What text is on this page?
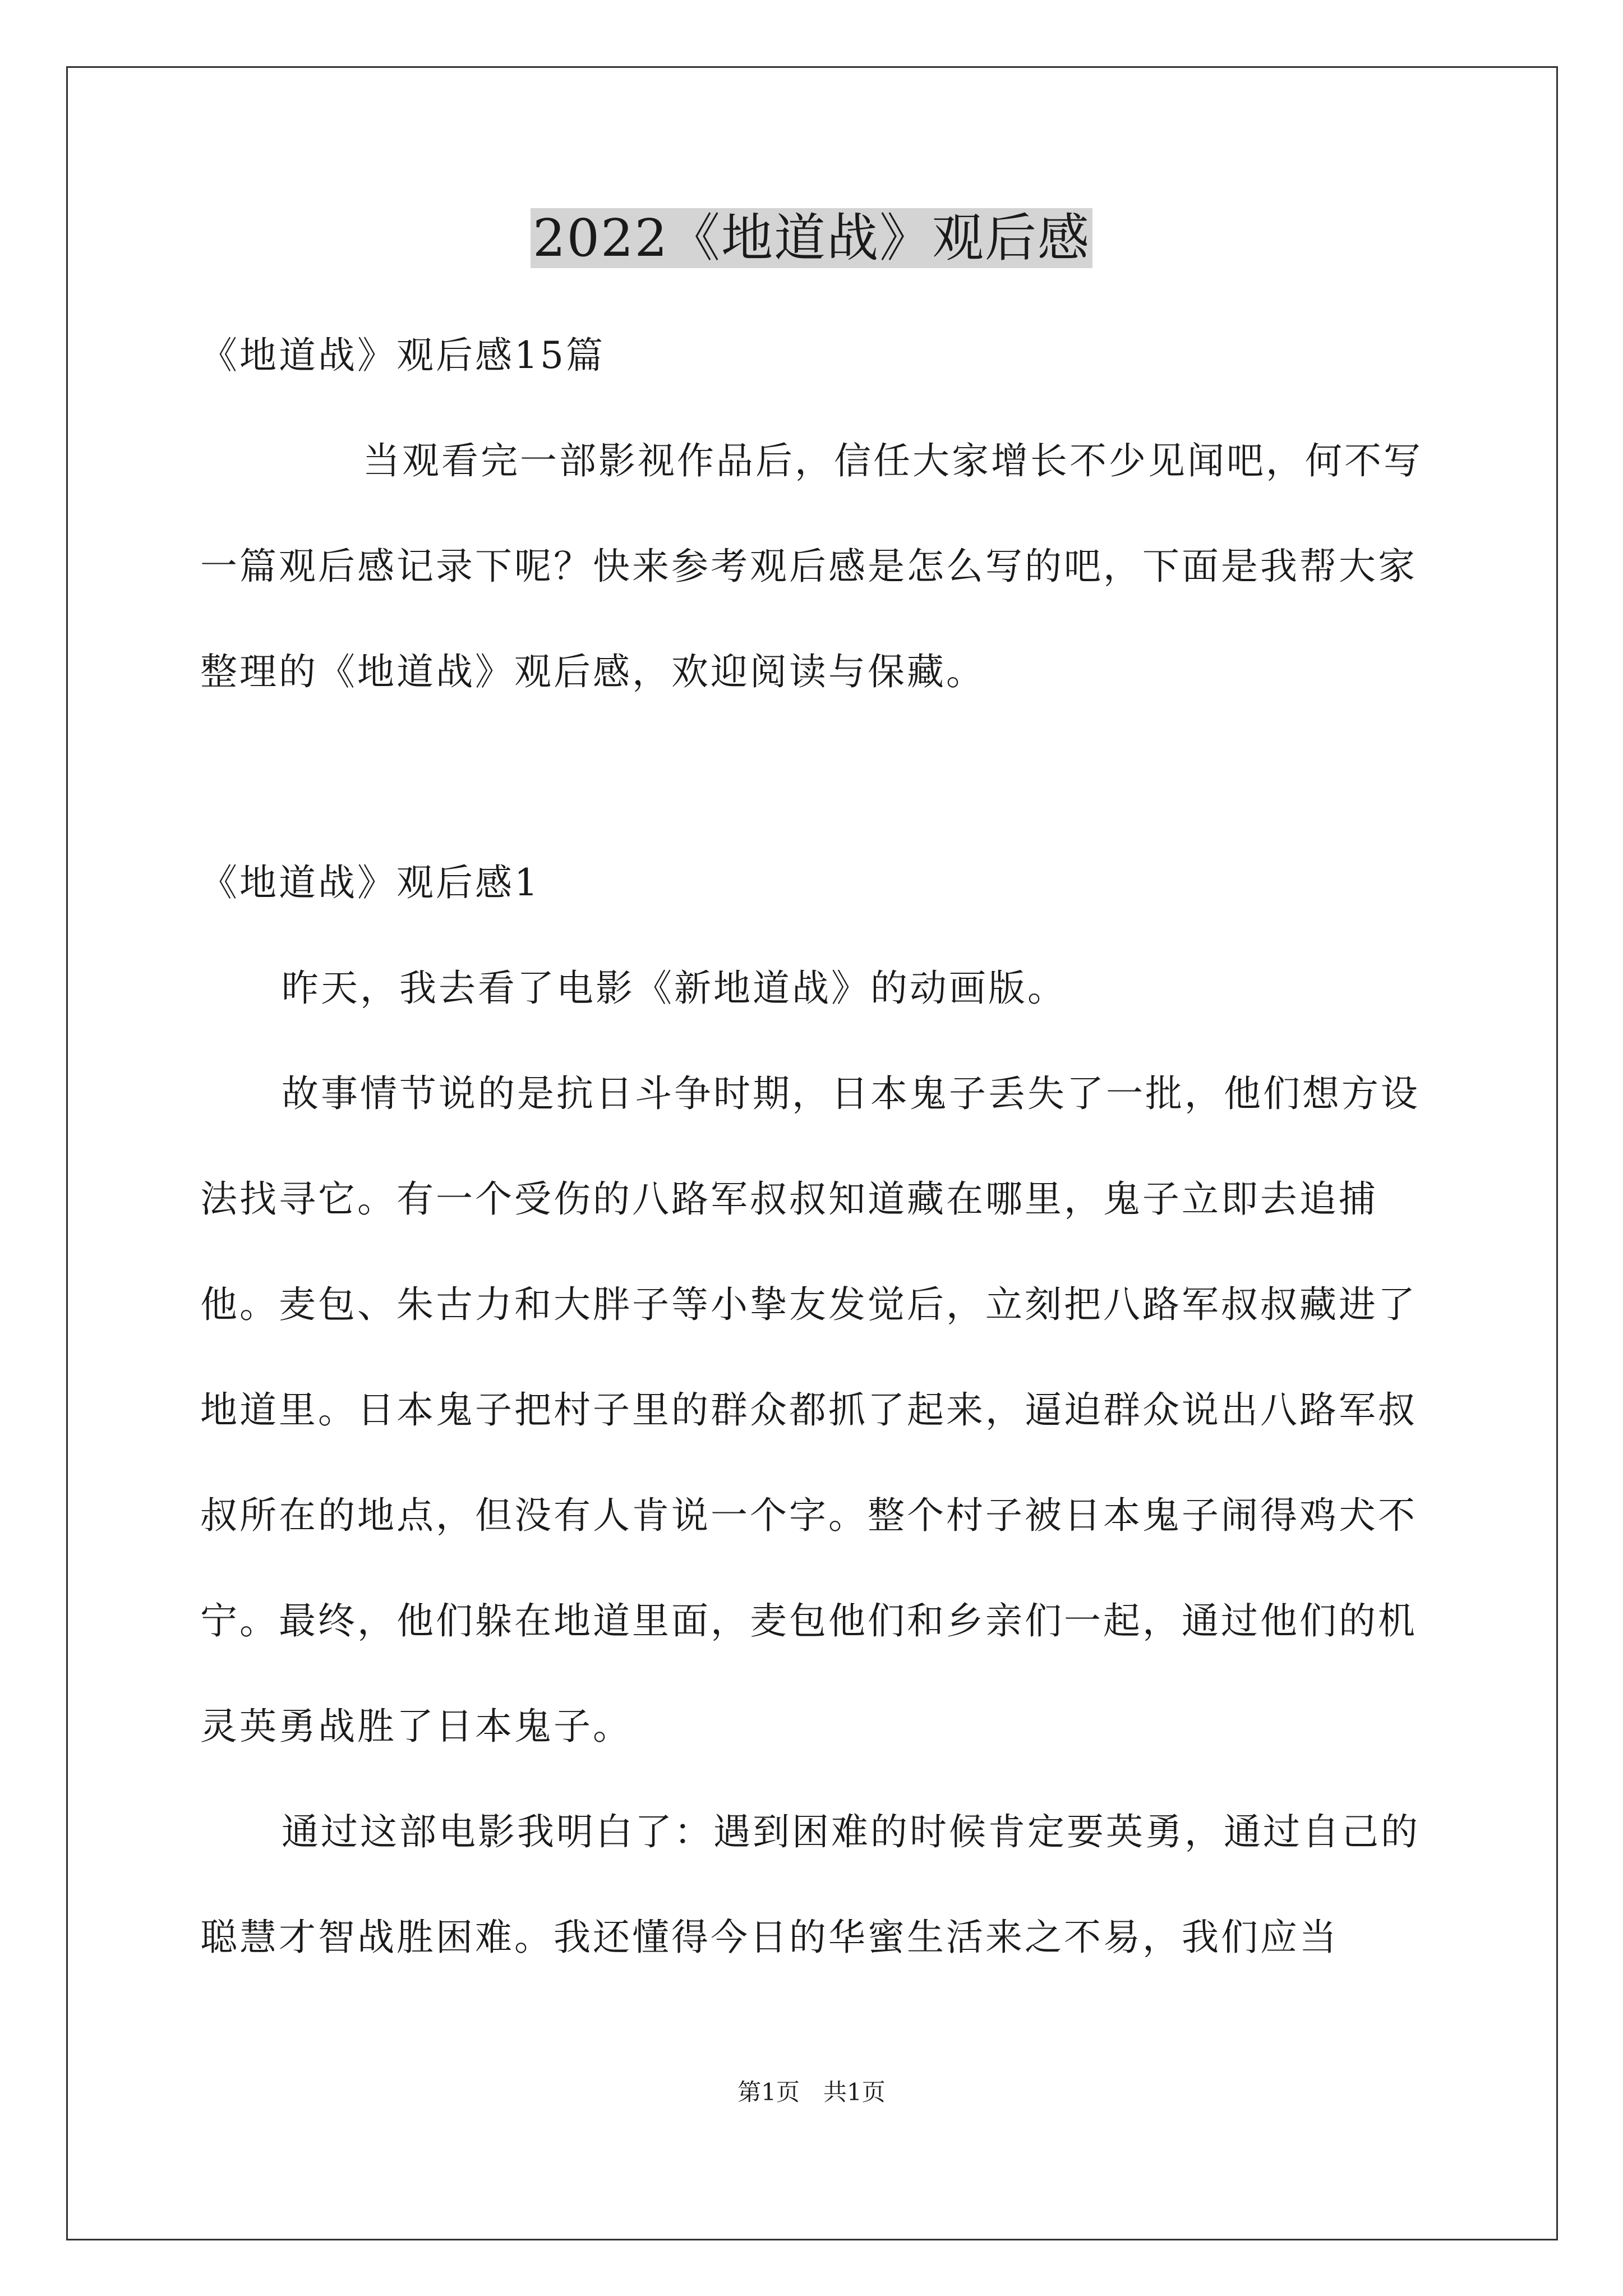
2022《地道战》观后感

《地道战》观后感15篇

当观看完一部影视作品后，信任大家增长不少见闻吧，何不写一篇观后感记录下呢？快来参考观后感是怎么写的吧，下面是我帮大家整理的《地道战》观后感，欢迎阅读与保藏。

《地道战》观后感1

昨天，我去看了电影《新地道战》的动画版。

故事情节说的是抗日斗争时期，日本鬼子丢失了一批，他们想方设法找寻它。有一个受伤的八路军叔叔知道藏在哪里，鬼子立即去追捕他。麦包、朱古力和大胖子等小挚友发觉后，立刻把八路军叔叔藏进了地道里。日本鬼子把村子里的群众都抓了起来，逼迫群众说出八路军叔叔所在的地点，但没有人肯说一个字。整个村子被日本鬼子闹得鸡犬不宁。最终，他们躲在地道里面，麦包他们和乡亲们一起，通过他们的机灵英勇战胜了日本鬼子。

通过这部电影我明白了：遇到困难的时候肯定要英勇，通过自己的聪慧才智战胜困难。我还懂得今日的华蜜生活来之不易，我们应当

第1页　共1页
